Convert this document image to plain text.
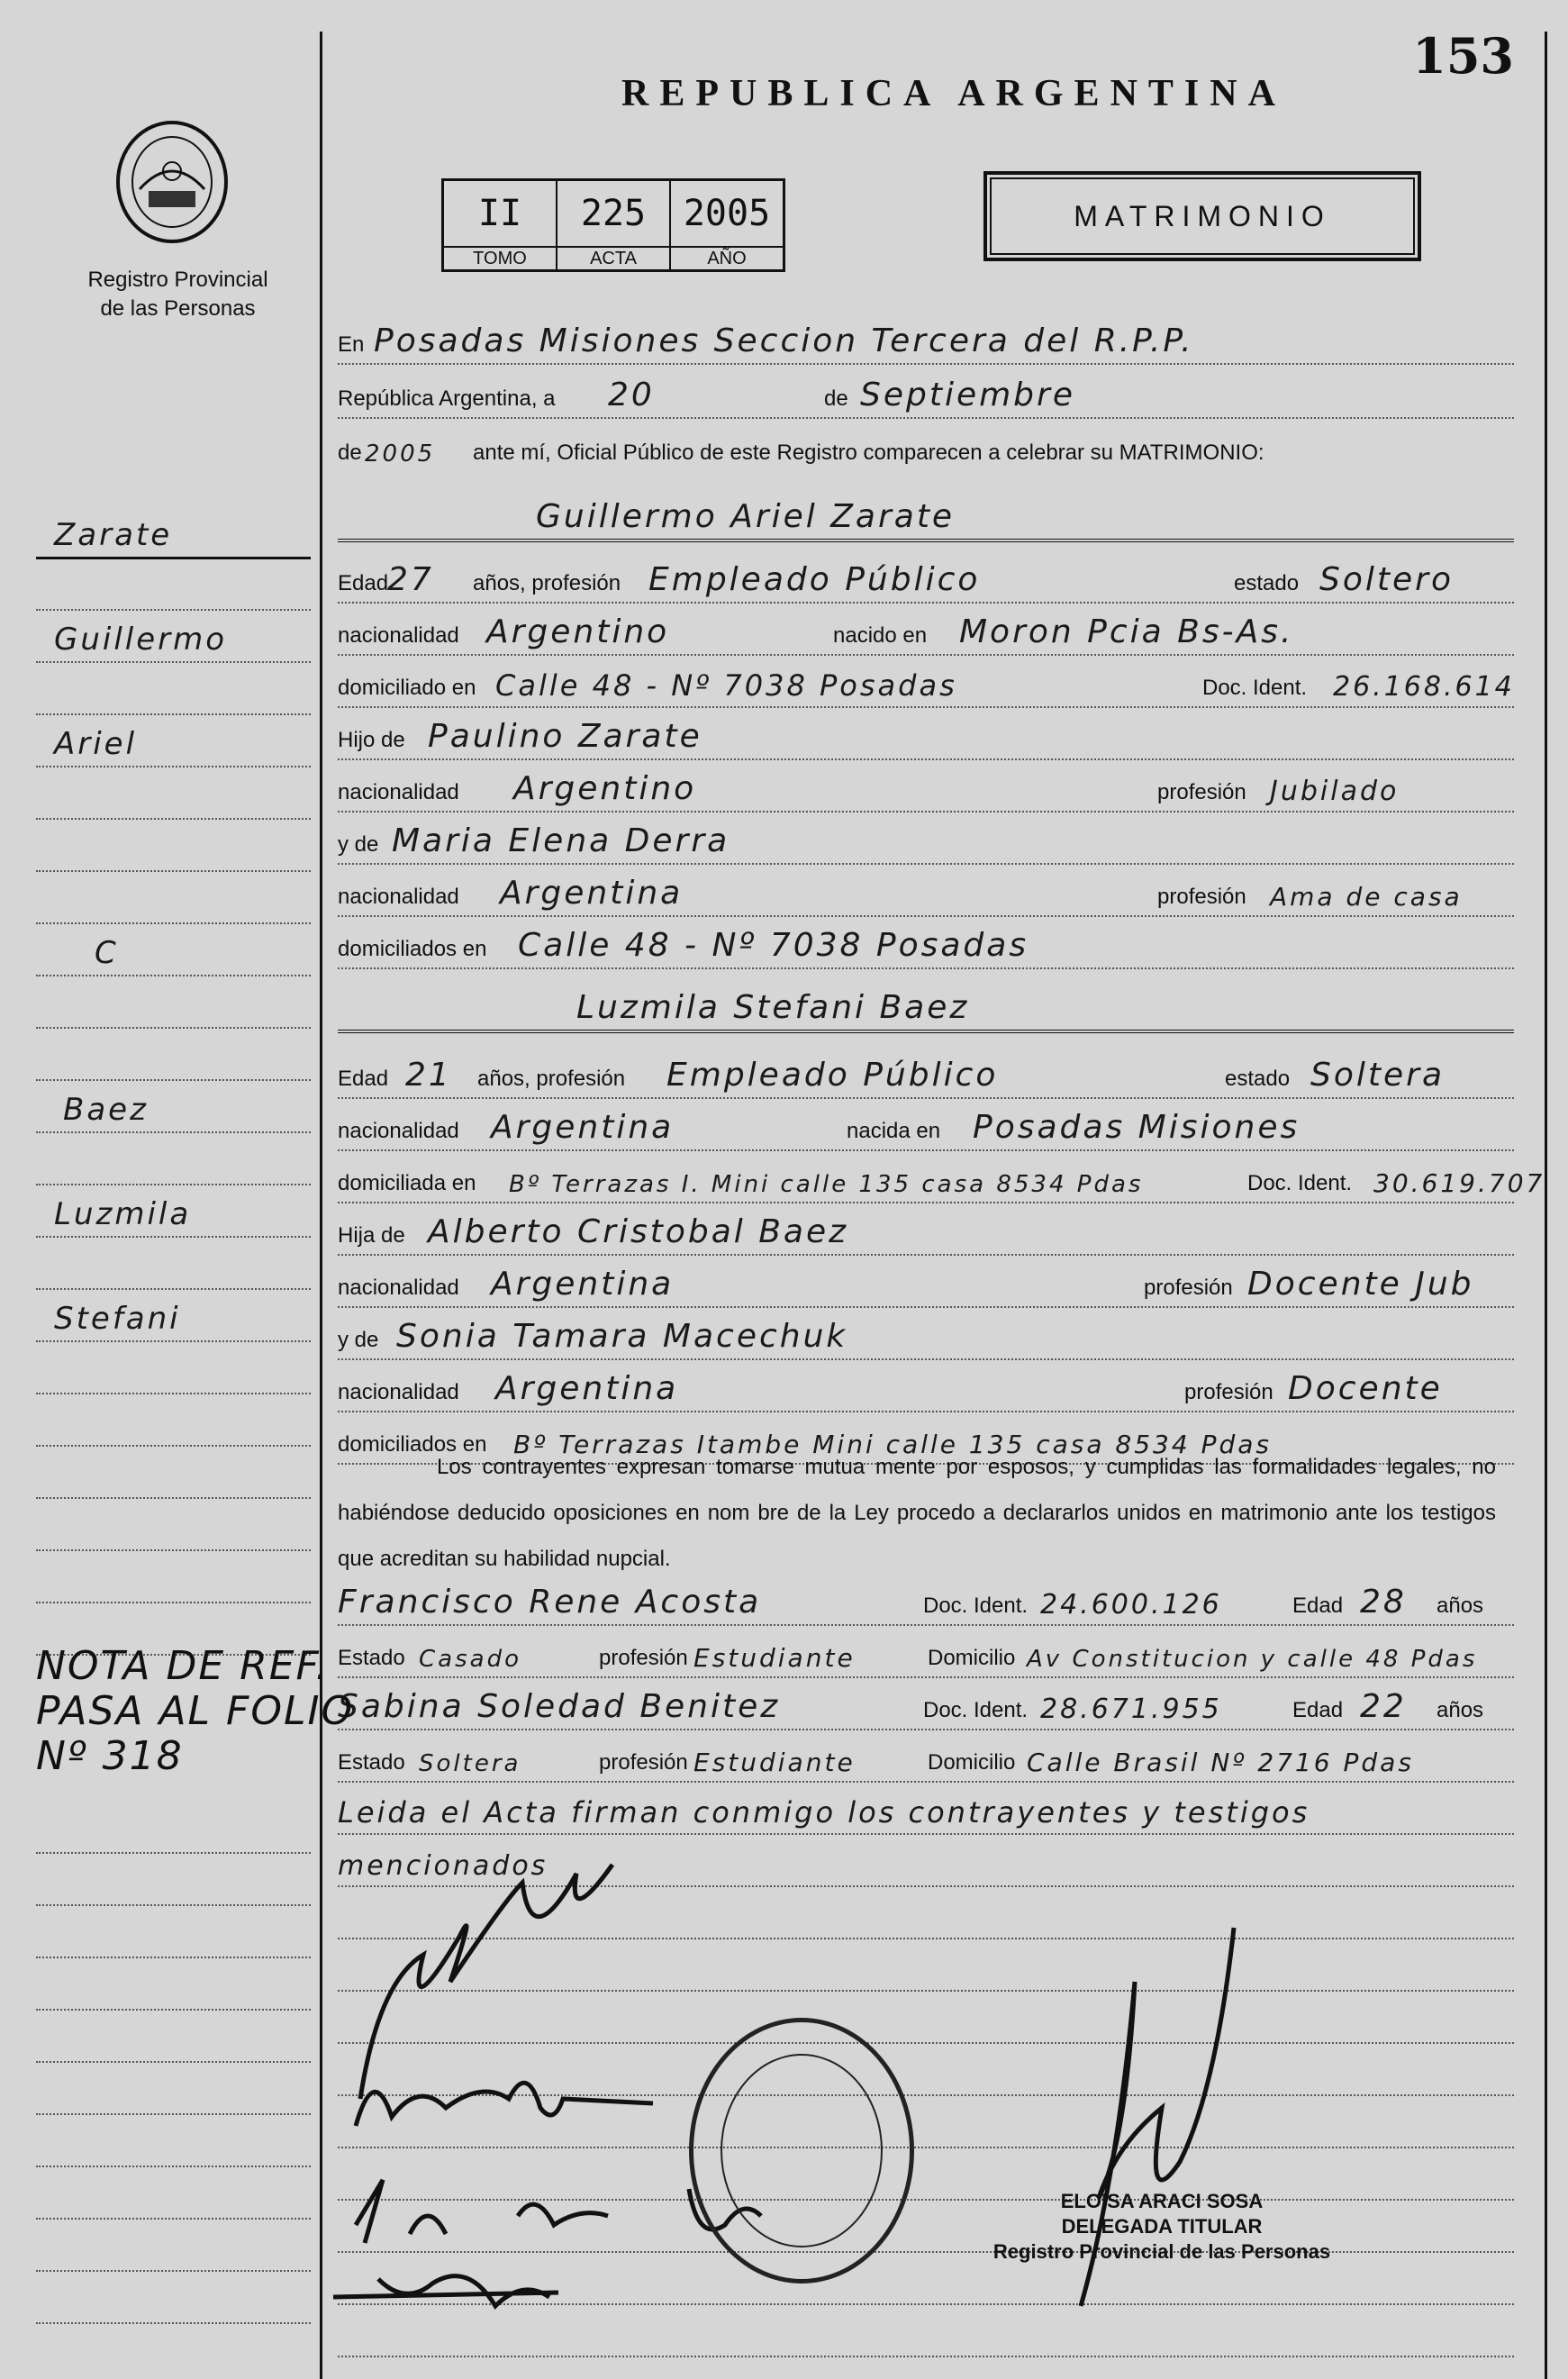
153
REPUBLICA ARGENTINA
Registro Provincial
de las Personas
II	225	2005
TOMO	ACTA	AÑO
MATRIMONIO
En Posadas Misiones Seccion Tercera del R.P.P.
República Argentina, a 20	de Septiembre
de 2005 ante mí, Oficial Público de este Registro comparecen a celebrar su MATRIMONIO:
Guillermo Ariel Zarate
Edad
27 años, profesión Empleado Público	estado Soltero
nacionalidad Argentino	nacido en Moron Pcia Bs-As.
domiciliado en Calle 48 - Nº 7038 Posadas	Doc. Ident. 26.168.614
Hijo de Paulino Zarate
nacionalidad Argentino	profesión Jubilado
y de Maria Elena Derra
nacionalidad Argentina	profesión Ama de casa
domiciliados en Calle 48 - Nº 7038 Posadas
Luzmila Stefani Baez
Edad 21 años, profesión Empleado Público	estado Soltera
nacionalidad Argentina	nacida en Posadas Misiones
domiciliada en Bº Terrazas I. Mini calle 135 casa 8534 Pdas	Doc. Ident. 30.619.707
Hija de Alberto Cristobal Baez
nacionalidad Argentina	profesión Docente Jub
y de Sonia Tamara Macechuk
nacionalidad Argentina	profesión Docente
domiciliados en Bº Terrazas Itambe Mini calle 135 casa 8534 Pdas
Los contrayentes expresan tomarse mutua mente por esposos, y cumplidas las formalidades legales, no habiéndose deducido oposiciones en nom bre de la Ley procedo a declararlos unidos en matrimonio ante los testigos que acreditan su habilidad nupcial.
Francisco Rene Acosta	Doc. Ident. 24.600.126	Edad 28 años
Estado Casado	profesión Estudiante	Domicilio Av Constitucion y calle 48 Pdas
Sabina Soledad Benitez	Doc. Ident. 28.671.955	Edad 22 años
Estado Soltera	profesión Estudiante	Domicilio Calle Brasil Nº 2716 Pdas
Leida el Acta firman conmigo los contrayentes y testigos
mencionados
Zarate
Guillermo
Ariel
C
Baez
Luzmila
Stefani
NOTA DE REF.
PASA AL FOLIO
Nº 318
ELOISA ARACI SOSA
DELEGADA TITULAR
Registro Provincial de las Personas
